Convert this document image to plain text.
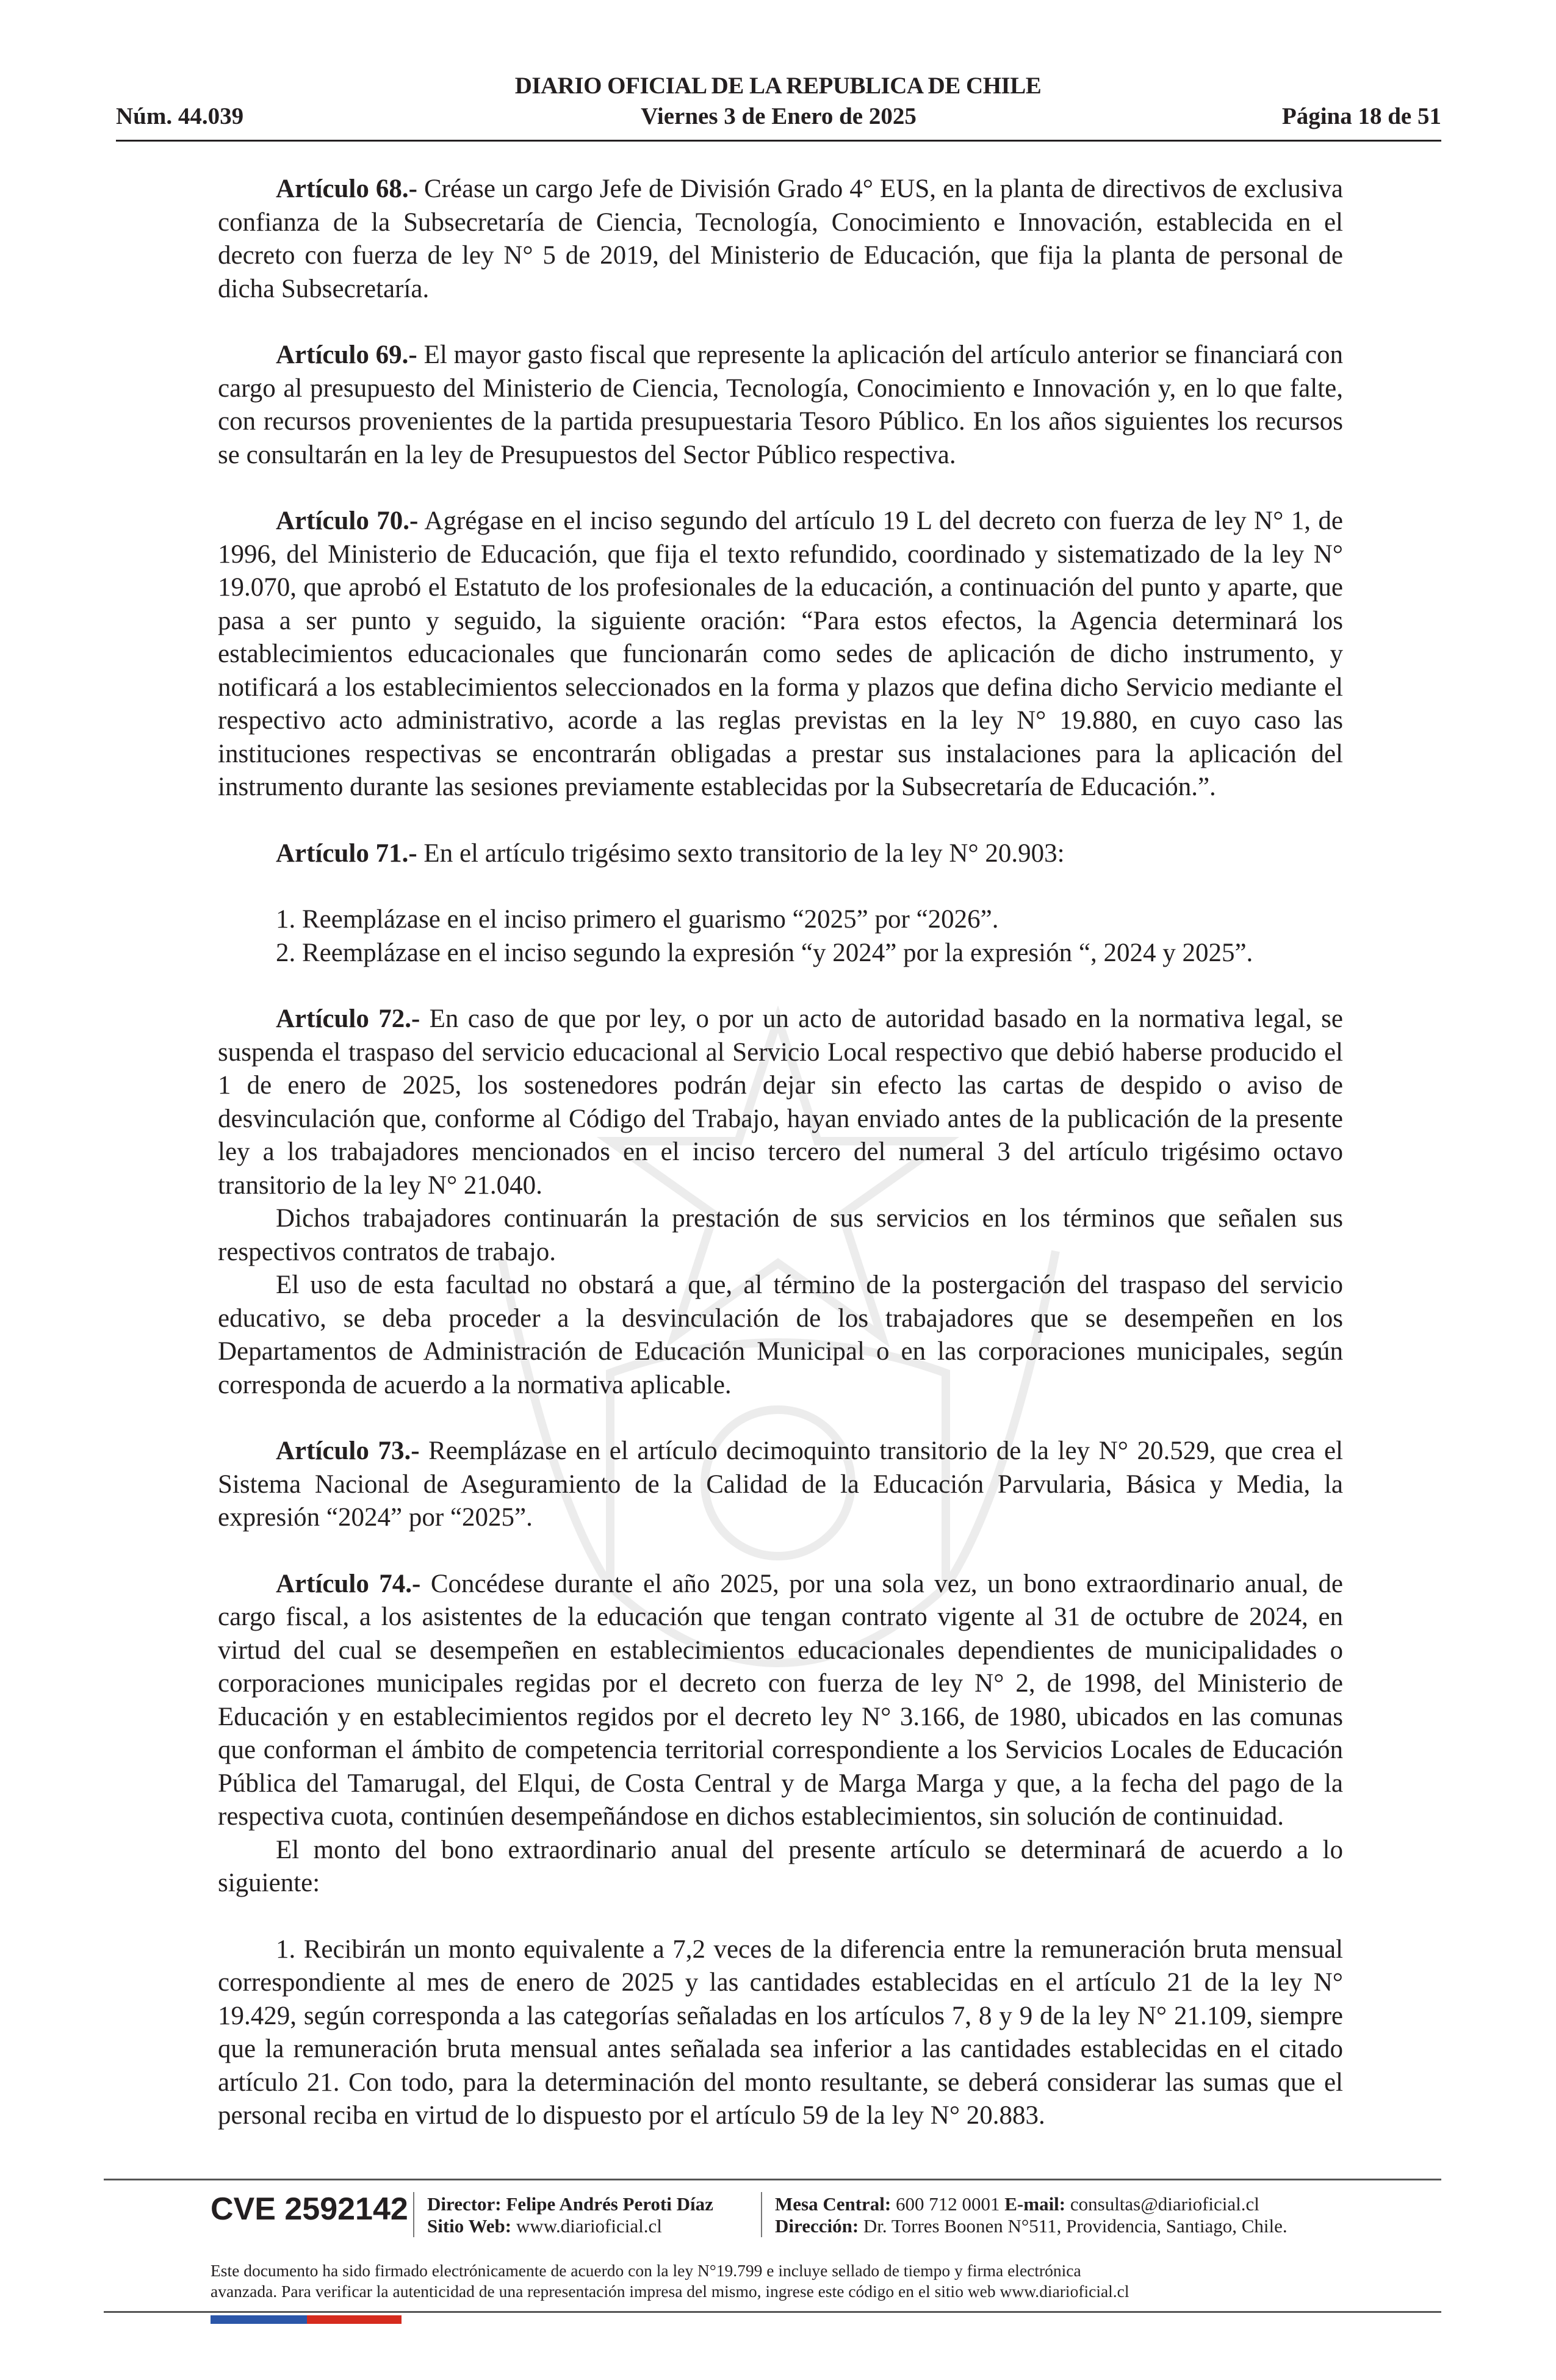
DIARIO OFICIAL DE LA REPUBLICA DE CHILE
Núm. 44.039	Viernes 3 de Enero de 2025	Página 18 de 51

Artículo 68.- Créase un cargo Jefe de División Grado 4° EUS, en la planta de directivos de exclusiva confianza de la Subsecretaría de Ciencia, Tecnología, Conocimiento e Innovación, establecida en el decreto con fuerza de ley N° 5 de 2019, del Ministerio de Educación, que fija la planta de personal de dicha Subsecretaría.

Artículo 69.- El mayor gasto fiscal que represente la aplicación del artículo anterior se financiará con cargo al presupuesto del Ministerio de Ciencia, Tecnología, Conocimiento e Innovación y, en lo que falte, con recursos provenientes de la partida presupuestaria Tesoro Público. En los años siguientes los recursos se consultarán en la ley de Presupuestos del Sector Público respectiva.

Artículo 70.- Agrégase en el inciso segundo del artículo 19 L del decreto con fuerza de ley N° 1, de 1996, del Ministerio de Educación, que fija el texto refundido, coordinado y sistematizado de la ley N° 19.070, que aprobó el Estatuto de los profesionales de la educación, a continuación del punto y aparte, que pasa a ser punto y seguido, la siguiente oración: “Para estos efectos, la Agencia determinará los establecimientos educacionales que funcionarán como sedes de aplicación de dicho instrumento, y notificará a los establecimientos seleccionados en la forma y plazos que defina dicho Servicio mediante el respectivo acto administrativo, acorde a las reglas previstas en la ley N° 19.880, en cuyo caso las instituciones respectivas se encontrarán obligadas a prestar sus instalaciones para la aplicación del instrumento durante las sesiones previamente establecidas por la Subsecretaría de Educación.”.

Artículo 71.- En el artículo trigésimo sexto transitorio de la ley N° 20.903:

1. Reemplázase en el inciso primero el guarismo “2025” por “2026”.

2. Reemplázase en el inciso segundo la expresión “y 2024” por la expresión “, 2024 y 2025”.

Artículo 72.- En caso de que por ley, o por un acto de autoridad basado en la normativa legal, se suspenda el traspaso del servicio educacional al Servicio Local respectivo que debió haberse producido el 1 de enero de 2025, los sostenedores podrán dejar sin efecto las cartas de despido o aviso de desvinculación que, conforme al Código del Trabajo, hayan enviado antes de la publicación de la presente ley a los trabajadores mencionados en el inciso tercero del numeral 3 del artículo trigésimo octavo transitorio de la ley N° 21.040.

Dichos trabajadores continuarán la prestación de sus servicios en los términos que señalen sus respectivos contratos de trabajo.

El uso de esta facultad no obstará a que, al término de la postergación del traspaso del servicio educativo, se deba proceder a la desvinculación de los trabajadores que se desempeñen en los Departamentos de Administración de Educación Municipal o en las corporaciones municipales, según corresponda de acuerdo a la normativa aplicable.

Artículo 73.- Reemplázase en el artículo decimoquinto transitorio de la ley N° 20.529, que crea el Sistema Nacional de Aseguramiento de la Calidad de la Educación Parvularia, Básica y Media, la expresión “2024” por “2025”.

Artículo 74.- Concédese durante el año 2025, por una sola vez, un bono extraordinario anual, de cargo fiscal, a los asistentes de la educación que tengan contrato vigente al 31 de octubre de 2024, en virtud del cual se desempeñen en establecimientos educacionales dependientes de municipalidades o corporaciones municipales regidas por el decreto con fuerza de ley N° 2, de 1998, del Ministerio de Educación y en establecimientos regidos por el decreto ley N° 3.166, de 1980, ubicados en las comunas que conforman el ámbito de competencia territorial correspondiente a los Servicios Locales de Educación Pública del Tamarugal, del Elqui, de Costa Central y de Marga Marga y que, a la fecha del pago de la respectiva cuota, continúen desempeñándose en dichos establecimientos, sin solución de continuidad.

El monto del bono extraordinario anual del presente artículo se determinará de acuerdo a lo siguiente:

1. Recibirán un monto equivalente a 7,2 veces de la diferencia entre la remuneración bruta mensual correspondiente al mes de enero de 2025 y las cantidades establecidas en el artículo 21 de la ley N° 19.429, según corresponda a las categorías señaladas en los artículos 7, 8 y 9 de la ley N° 21.109, siempre que la remuneración bruta mensual antes señalada sea inferior a las cantidades establecidas en el citado artículo 21. Con todo, para la determinación del monto resultante, se deberá considerar las sumas que el personal reciba en virtud de lo dispuesto por el artículo 59 de la ley N° 20.883.

CVE 2592142 Director: Felipe Andrés Peroti Díaz
Sitio Web: www.diarioficial.cl
Mesa Central: 600 712 0001 E-mail: consultas@diarioficial.cl
Dirección: Dr. Torres Boonen N°511, Providencia, Santiago, Chile.
Este documento ha sido firmado electrónicamente de acuerdo con la ley N°19.799 e incluye sellado de tiempo y firma electrónica
avanzada. Para verificar la autenticidad de una representación impresa del mismo, ingrese este código en el sitio web www.diarioficial.cl
